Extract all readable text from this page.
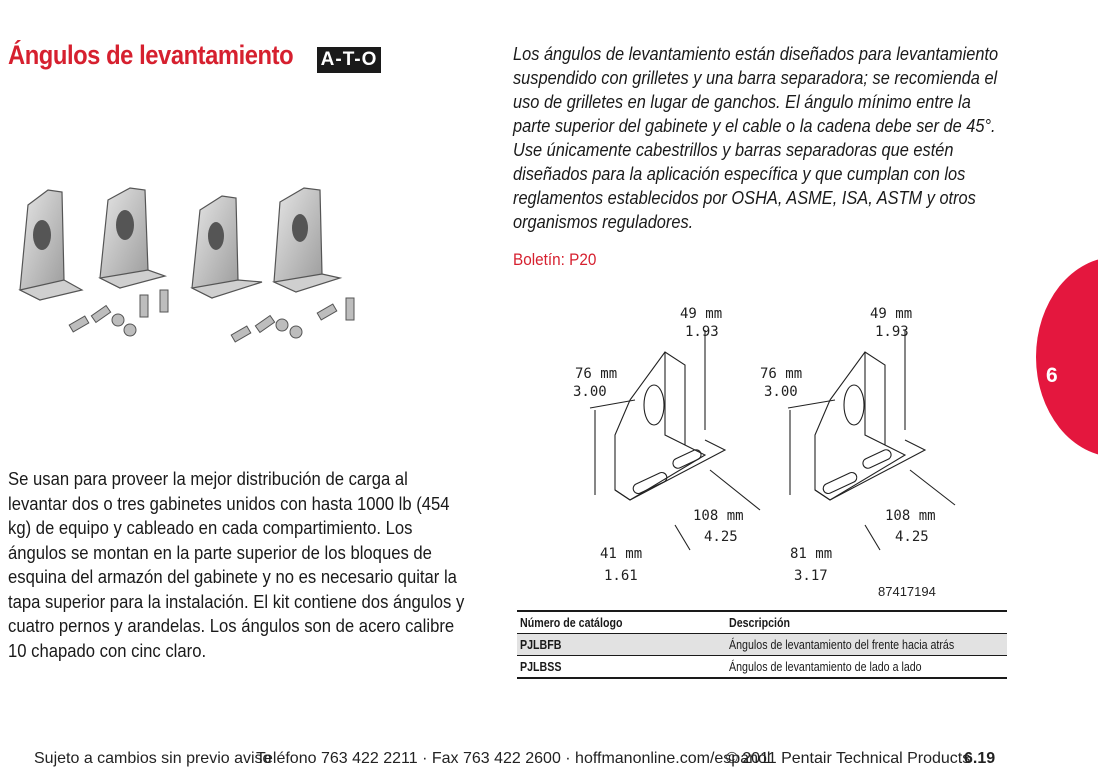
Ángulos de levantamiento A-T-O
Se usan para proveer la mejor distribución de carga al levantar dos o tres gabinetes unidos con hasta 1000 lb (454 kg) de equipo y cableado en cada compartimiento. Los ángulos se montan en la parte superior de los bloques de esquina del armazón del gabinete y no es necesario quitar la tapa superior para la instalación. El kit contiene dos ángulos y cuatro pernos y arandelas. Los ángulos son de acero calibre 10 chapado con cinc claro.
Los ángulos de levantamiento están diseñados para levantamiento suspendido con grilletes y una barra separadora; se recomienda el uso de grilletes en lugar de ganchos. El ángulo mínimo entre la parte superior del gabinete y el cable o la cadena debe ser de 45°. Use únicamente cabestrillos y barras separadoras que estén diseñados para la aplicación específica y que cumplan con los reglamentos establecidos por OSHA, ASME, ISA, ASTM y otros organismos reguladores.
Boletín: P20
49 mm
1.93
76 mm
3.00
108 mm
4.25
41 mm
1.61
49 mm
1.93
76 mm
3.00
108 mm
4.25
81 mm
3.17
87417194
Número de catálogo	Descripción
PJLBFB	Ángulos de levantamiento del frente hacia atrás
PJLBSS	Ángulos de levantamiento de lado a lado
6
Sujeto a cambios sin previo aviso
Teléfono 763 422 2211 · Fax 763 422 2600 · hoffmanonline.com/espanol
© 2011 Pentair Technical Products
6.19
